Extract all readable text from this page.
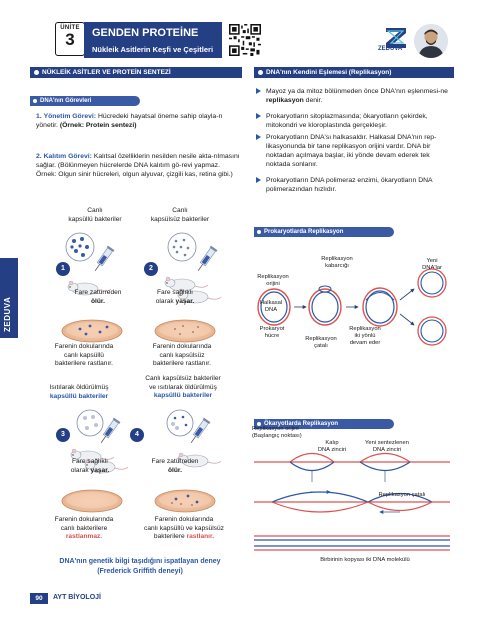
ÜNİTE
3	GENDEN PROTEİNE
Nükleik Asitlerin Keşfi ve Çeşitleri	ZEDUVA
NÜKLEİK ASİTLER VE PROTEİN SENTEZİ	DNA'nın Kendini Eşlemesi (Replikasyon)
DNA'nın Görevleri
1. Yönetim Görevi: Hücredeki hayatsal öneme sahip olayla-rı yönetir. (Örnek: Protein sentezi)
2. Kalıtım Görevi: Kalıtsal özelliklerin nesilden nesile akta-rılmasını sağlar. (Bölünmeyen hücrelerde DNA kalıtım gö-revi yapmaz. Örnek: Olgun sinir hücreleri, olgun alyuvar, çizgili kas, retina gibi.)
Mayoz ya da mitoz bölünmeden önce DNA'nın eşlenmesi-ne replikasyon denir.
Prokaryotların sitoplazmasında; ökaryotların çekirdek, mitokondri ve kloroplastında gerçekleşir.
Prokaryotların DNA'sı halkasaldır. Halkasal DNA'nın rep-likasyonunda bir tane replikasyon orijini vardır. DNA bir noktadan açılmaya başlar, iki yönde devam ederek tek noktada sonlanır.
Prokaryotların DNA polimeraz enzimi, ökaryotların DNA polimerazından hızlıdır.
Prokaryotlarda Replikasyon
Ökaryotlarda Replikasyon
ZEDUVA
1	2
3	4
Canlı
kapsüllü bakteriler
Canlı
kapsülsüz bakteriler
Fare zatürreden
ölür.
Fare sağlıklı
olarak yaşar.
Farenin dokularında
canlı kapsüllü
bakterilere rastlanır.
Farenin dokularında
canlı kapsülsüz
bakterilere rastlanır.
Isıtılarak öldürülmüş
kapsüllü bakteriler
Canlı kapsülsüz bakteriler
ve ısıtılarak öldürülmüş
kapsüllü bakteriler
Fare sağlıklı
olarak yaşar.
Fare zatürreden
ölür.
Farenin dokularında
canlı bakterilere
rastlanmaz.
Farenin dokularında
canlı kapsüllü ve kapsülsüz
bakterilere rastlanır.
DNA'nın genetik bilgi taşıdığını ispatlayan deney
(Frederick Griffith deneyi)
Replikasyon
orijini
Replikasyon
kabarcığı
Yeni
DNA'lar
Halkasal
DNA
Prokaryot
hücre	Replikasyon
çatalı
Replikasyon
iki yönlü
devam eder
Replikasyon orijini
(Başlangıç noktası)
Kalıp
DNA zinciri
Yeni sentezlenen
DNA zinciri
Replikasyon çatalı
Birbirinin kopyası iki DNA molekülü
90	AYT BİYOLOJİ
